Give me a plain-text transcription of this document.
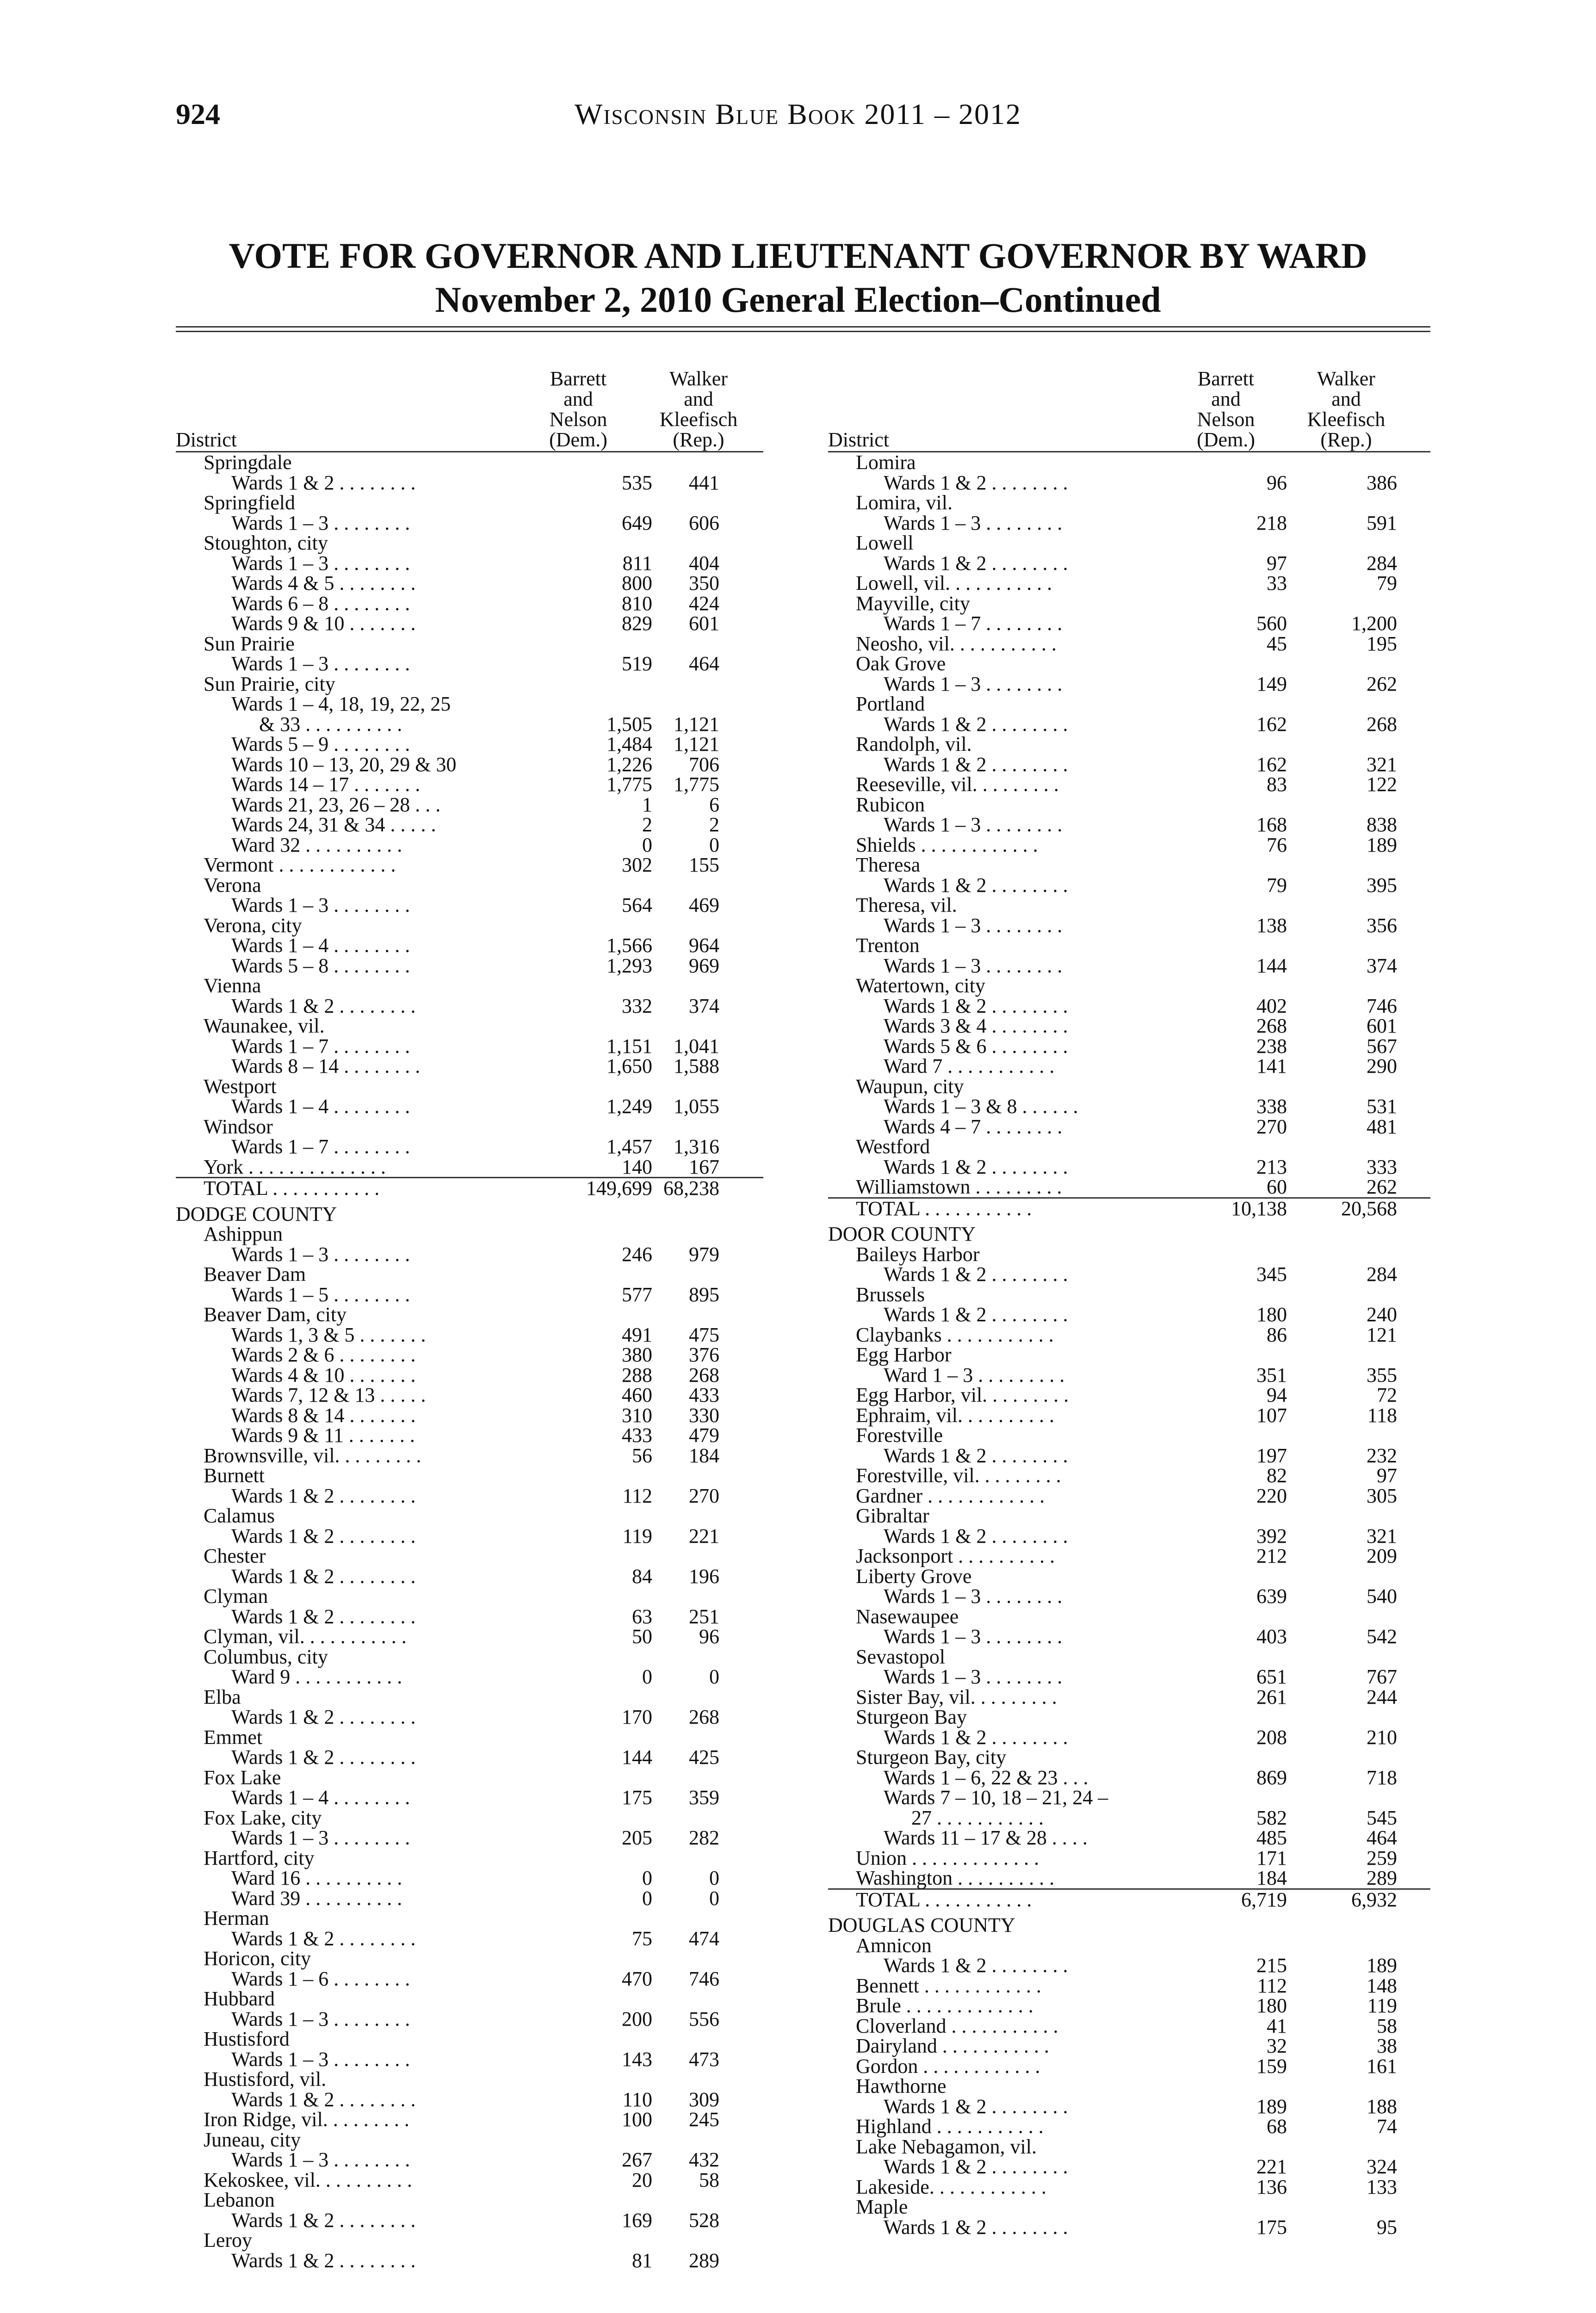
924	Wisconsin Blue Book 2011 – 2012
VOTE FOR GOVERNOR AND LIEUTENANT GOVERNOR BY WARD
November 2, 2010 General Election–Continued
District
Barrett
and
Nelson
(Dem.)
Walker
and
Kleefisch
(Rep.)
Springdale
Wards 1 & 2 . . . . . . . .	535 441
Springfield
Wards 1 – 3 . . . . . . . .	649 606
Stoughton, city
Wards 1 – 3 . . . . . . . .	811 404
Wards 4 & 5 . . . . . . . .	800 350
Wards 6 – 8 . . . . . . . .	810 424
Wards 9 & 10 . . . . . . .	829 601
Sun Prairie
Wards 1 – 3 . . . . . . . .	519 464
Sun Prairie, city
Wards 1 – 4, 18, 19, 22, 25
& 33 . . . . . . . . . .	1,505 1,121
Wards 5 – 9 . . . . . . . .	1,484 1,121
Wards 10 – 13, 20, 29 & 30	1,226 706
Wards 14 – 17 . . . . . . .	1,775 1,775
Wards 21, 23, 26 – 28 . . .	1	6
Wards 24, 31 & 34 . . . . .	2	2
Ward 32 . . . . . . . . . .	0	0
Vermont . . . . . . . . . . . .	302 155
Verona
Wards 1 – 3 . . . . . . . .	564 469
Verona, city
Wards 1 – 4 . . . . . . . .	1,566 964
Wards 5 – 8 . . . . . . . .	1,293 969
Vienna
Wards 1 & 2 . . . . . . . .	332 374
Waunakee, vil.
Wards 1 – 7 . . . . . . . .	1,151 1,041
Wards 8 – 14 . . . . . . . .	1,650 1,588
Westport
Wards 1 – 4 . . . . . . . .	1,249 1,055
Windsor
Wards 1 – 7 . . . . . . . .	1,457 1,316
York . . . . . . . . . . . . . .	140 167
TOTAL . . . . . . . . . . .	149,699 68,238
DODGE COUNTY
Ashippun
Wards 1 – 3 . . . . . . . .	246 979
Beaver Dam
Wards 1 – 5 . . . . . . . .	577 895
Beaver Dam, city
Wards 1, 3 & 5 . . . . . . .	491 475
Wards 2 & 6 . . . . . . . .	380 376
Wards 4 & 10 . . . . . . .	288 268
Wards 7, 12 & 13 . . . . .	460 433
Wards 8 & 14 . . . . . . .	310 330
Wards 9 & 11 . . . . . . .	433 479
Brownsville, vil. . . . . . . . .	56 184
Burnett
Wards 1 & 2 . . . . . . . .	112 270
Calamus
Wards 1 & 2 . . . . . . . .	119 221
Chester
Wards 1 & 2 . . . . . . . .	84 196
Clyman
Wards 1 & 2 . . . . . . . .	63 251
Clyman, vil. . . . . . . . . . .	50 96
Columbus, city
Ward 9 . . . . . . . . . . .	0	0
Elba
Wards 1 & 2 . . . . . . . .	170 268
Emmet
Wards 1 & 2 . . . . . . . .	144 425
Fox Lake
Wards 1 – 4 . . . . . . . .	175 359
Fox Lake, city
Wards 1 – 3 . . . . . . . .	205 282
Hartford, city
Ward 16 . . . . . . . . . .	0	0
Ward 39 . . . . . . . . . .	0	0
Herman
Wards 1 & 2 . . . . . . . .	75 474
Horicon, city
Wards 1 – 6 . . . . . . . .	470 746
Hubbard
Wards 1 – 3 . . . . . . . .	200 556
Hustisford
Wards 1 – 3 . . . . . . . .	143 473
Hustisford, vil.
Wards 1 & 2 . . . . . . . .	110 309
Iron Ridge, vil. . . . . . . . .	100 245
Juneau, city
Wards 1 – 3 . . . . . . . .	267 432
Kekoskee, vil. . . . . . . . . .	20 58
Lebanon
Wards 1 & 2 . . . . . . . .	169 528
Leroy
Wards 1 & 2 . . . . . . . .	81 289
District
Barrett
and
Nelson
(Dem.)
Walker
and
Kleefisch
(Rep.)
Lomira
Wards 1 & 2 . . . . . . . .	96	386
Lomira, vil.
Wards 1 – 3 . . . . . . . .	218	591
Lowell
Wards 1 & 2 . . . . . . . .	97	284
Lowell, vil. . . . . . . . . . .	33	79
Mayville, city
Wards 1 – 7 . . . . . . . .	560	1,200
Neosho, vil. . . . . . . . . . .	45	195
Oak Grove
Wards 1 – 3 . . . . . . . .	149	262
Portland
Wards 1 & 2 . . . . . . . .	162	268
Randolph, vil.
Wards 1 & 2 . . . . . . . .	162	321
Reeseville, vil. . . . . . . . .	83	122
Rubicon
Wards 1 – 3 . . . . . . . .	168	838
Shields . . . . . . . . . . . .	76	189
Theresa
Wards 1 & 2 . . . . . . . .	79	395
Theresa, vil.
Wards 1 – 3 . . . . . . . .	138	356
Trenton
Wards 1 – 3 . . . . . . . .	144	374
Watertown, city
Wards 1 & 2 . . . . . . . .	402	746
Wards 3 & 4 . . . . . . . .	268	601
Wards 5 & 6 . . . . . . . .	238	567
Ward 7 . . . . . . . . . . .	141	290
Waupun, city
Wards 1 – 3 & 8 . . . . . .	338	531
Wards 4 – 7 . . . . . . . .	270	481
Westford
Wards 1 & 2 . . . . . . . .	213	333
Williamstown . . . . . . . . .	60	262
TOTAL . . . . . . . . . . .	10,138	20,568
DOOR COUNTY
Baileys Harbor
Wards 1 & 2 . . . . . . . .	345	284
Brussels
Wards 1 & 2 . . . . . . . .	180	240
Claybanks . . . . . . . . . . .	86	121
Egg Harbor
Ward 1 – 3 . . . . . . . . .	351	355
Egg Harbor, vil. . . . . . . . .	94	72
Ephraim, vil. . . . . . . . . .	107	118
Forestville
Wards 1 & 2 . . . . . . . .	197	232
Forestville, vil. . . . . . . . .	82	97
Gardner . . . . . . . . . . . .	220	305
Gibraltar
Wards 1 & 2 . . . . . . . .	392	321
Jacksonport . . . . . . . . . .	212	209
Liberty Grove
Wards 1 – 3 . . . . . . . .	639	540
Nasewaupee
Wards 1 – 3 . . . . . . . .	403	542
Sevastopol
Wards 1 – 3 . . . . . . . .	651	767
Sister Bay, vil. . . . . . . . .	261	244
Sturgeon Bay
Wards 1 & 2 . . . . . . . .	208	210
Sturgeon Bay, city
Wards 1 – 6, 22 & 23 . . .	869	718
Wards 7 – 10, 18 – 21, 24 –
27 . . . . . . . . . . .	582	545
Wards 11 – 17 & 28 . . . .	485	464
Union . . . . . . . . . . . . .	171	259
Washington . . . . . . . . . .	184	289
TOTAL . . . . . . . . . . .	6,719	6,932
DOUGLAS COUNTY
Amnicon
Wards 1 & 2 . . . . . . . .	215	189
Bennett . . . . . . . . . . . .	112	148
Brule . . . . . . . . . . . . .	180	119
Cloverland . . . . . . . . . . .	41	58
Dairyland . . . . . . . . . . .	32	38
Gordon . . . . . . . . . . . .	159	161
Hawthorne
Wards 1 & 2 . . . . . . . .	189	188
Highland . . . . . . . . . . .	68	74
Lake Nebagamon, vil.
Wards 1 & 2 . . . . . . . .	221	324
Lakeside. . . . . . . . . . . .	136	133
Maple
Wards 1 & 2 . . . . . . . .	175	95
